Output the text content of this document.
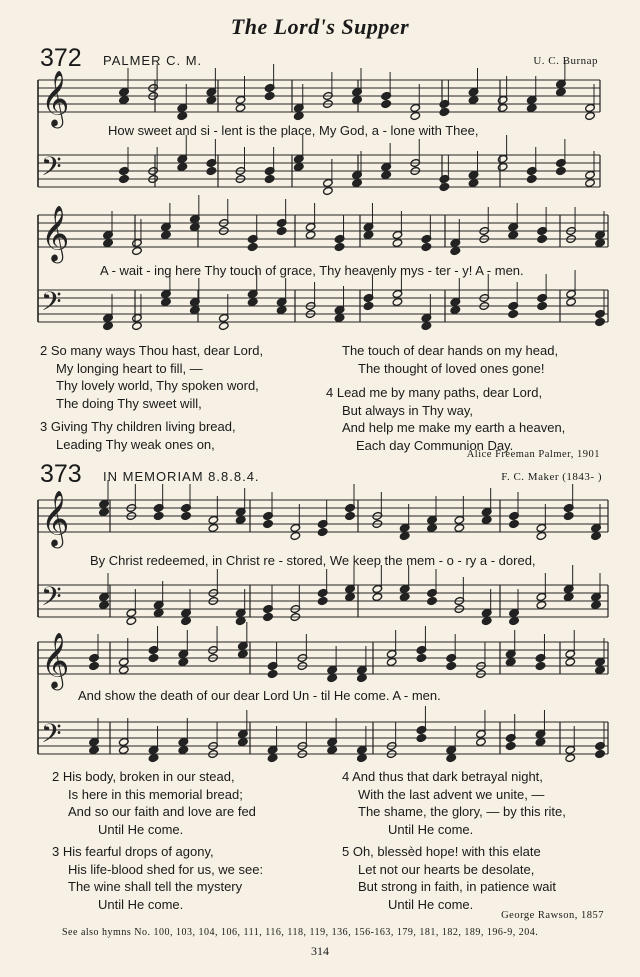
The Lord's Supper
372 PALMER C. M.	U. C. Burnap
𝄞
𝄢
𝄞
𝄢
𝄞
𝄢
𝄞
𝄢
How sweet and si - lent is the place, My God, a - lone with Thee,
A - wait - ing here Thy touch of grace, Thy heavenly mys - ter - y! A - men.
2 So many ways Thou hast, dear Lord,
My longing heart to fill, —
Thy lovely world, Thy spoken word,
The doing Thy sweet will,
3 Giving Thy children living bread,
Leading Thy weak ones on,
The touch of dear hands on my head,
The thought of loved ones gone!
4 Lead me by many paths, dear Lord,
But always in Thy way,
And help me make my earth a heaven,
Each day Communion Day.
Alice Freeman Palmer, 1901
373 IN MEMORIAM 8.8.8.4.	F. C. Maker (1843- )
By Christ redeemed, in Christ re - stored, We keep the mem - o - ry a - dored,
And show the death of our dear Lord Un - til He come. A - men.
2 His body, broken in our stead,
Is here in this memorial bread;
And so our faith and love are fed
Until He come.
3 His fearful drops of agony,
His life-blood shed for us, we see:
The wine shall tell the mystery
Until He come.
4 And thus that dark betrayal night,
With the last advent we unite, —
The shame, the glory, — by this rite,
Until He come.
5 Oh, blessèd hope! with this elate
Let not our hearts be desolate,
But strong in faith, in patience wait
Until He come.
George Rawson, 1857
See also hymns No. 100, 103, 104, 106, 111, 116, 118, 119, 136, 156-163, 179, 181, 182, 189, 196-9, 204.
314
